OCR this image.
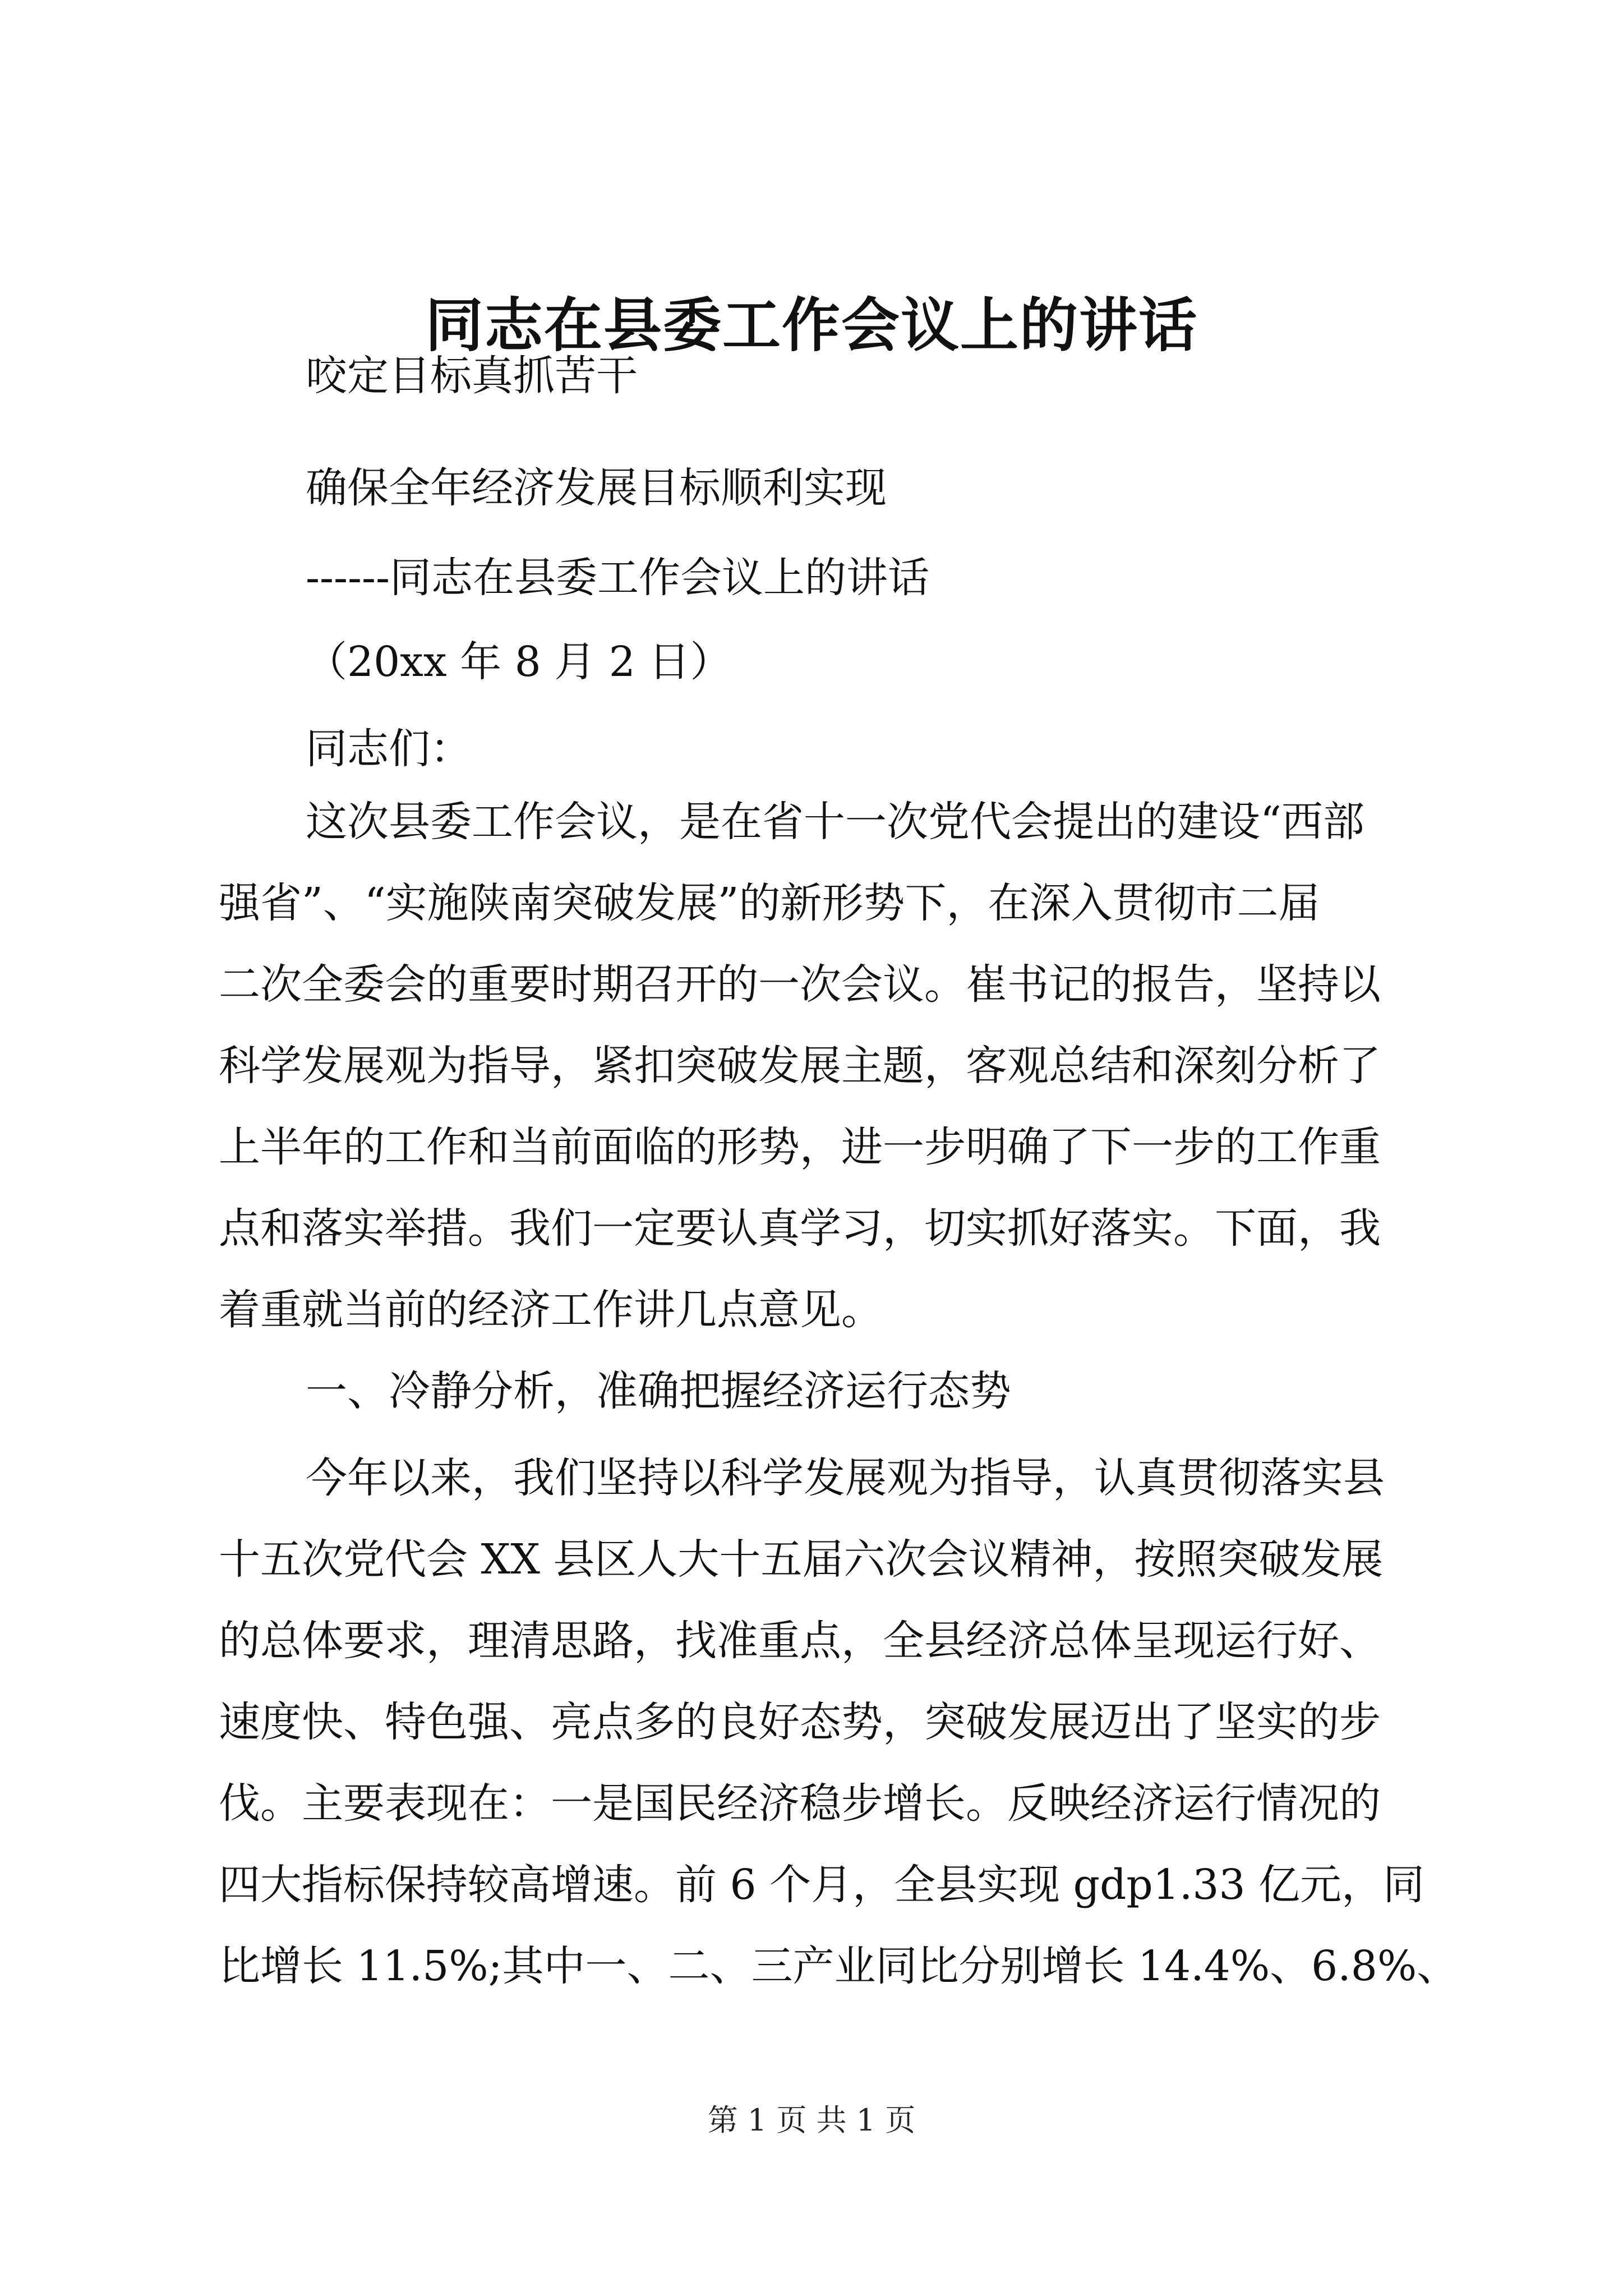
同志在县委工作会议上的讲话
咬定目标真抓苦干
确保全年经济发展目标顺利实现
------同志在县委工作会议上的讲话
（20xx 年 8 月 2 日）
同志们：
这次县委工作会议，是在省十一次党代会提出的建设“西部
强省”、“实施陕南突破发展”的新形势下，在深入贯彻市二届
二次全委会的重要时期召开的一次会议。崔书记的报告，坚持以
科学发展观为指导，紧扣突破发展主题，客观总结和深刻分析了
上半年的工作和当前面临的形势，进一步明确了下一步的工作重
点和落实举措。我们一定要认真学习，切实抓好落实。下面，我
着重就当前的经济工作讲几点意见。
一、冷静分析，准确把握经济运行态势
今年以来，我们坚持以科学发展观为指导，认真贯彻落实县
十五次党代会 XX 县区人大十五届六次会议精神，按照突破发展
的总体要求，理清思路，找准重点，全县经济总体呈现运行好、
速度快、特色强、亮点多的良好态势，突破发展迈出了坚实的步
伐。主要表现在：一是国民经济稳步增长。反映经济运行情况的
四大指标保持较高增速。前 6 个月，全县实现 gdp1.33 亿元，同
比增长 11.5%;其中一、二、三产业同比分别增长 14.4%、6.8%、
第 1 页 共 1 页
